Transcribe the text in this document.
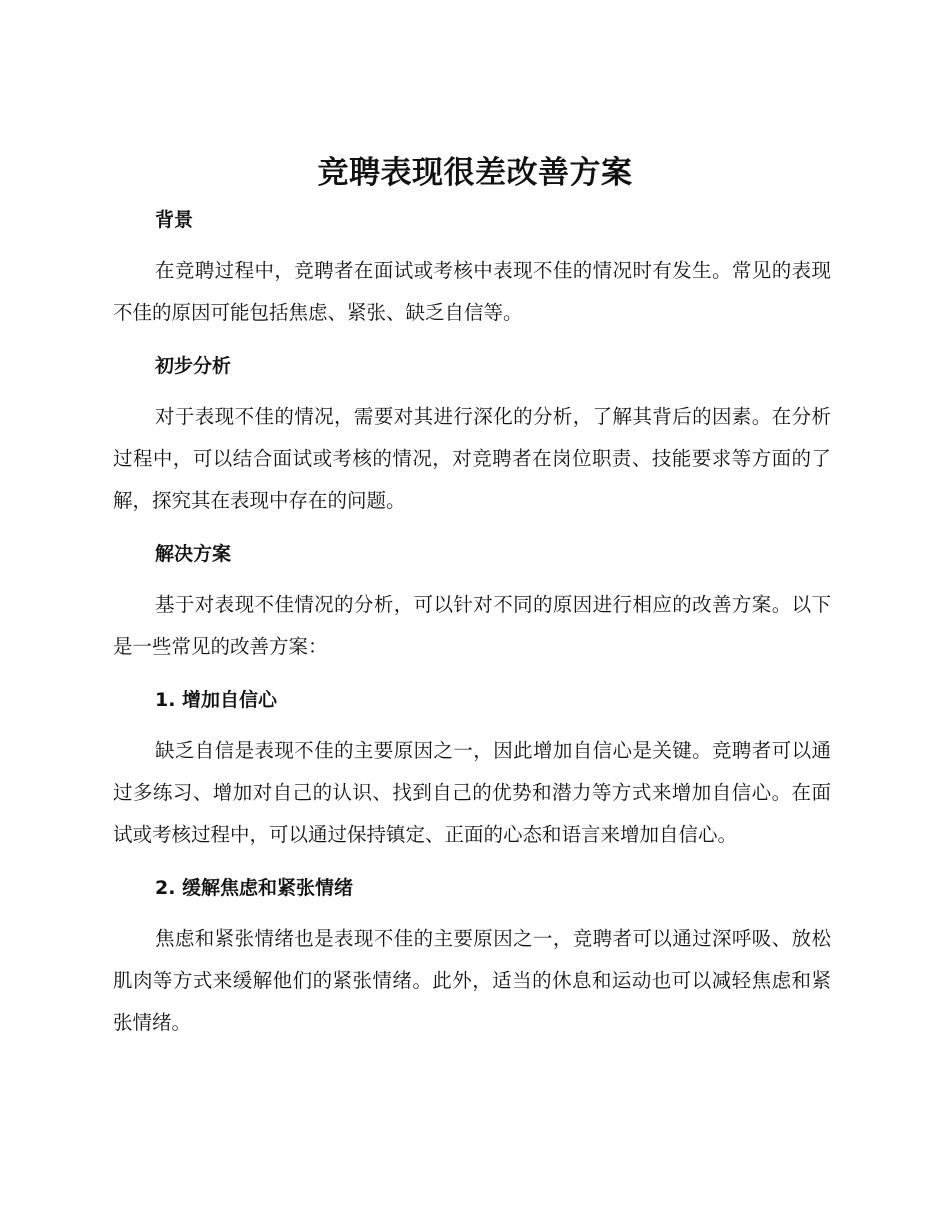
竞聘表现很差改善方案
背景

在竞聘过程中，竞聘者在面试或考核中表现不佳的情况时有发生。常见的表现不佳的原因可能包括焦虑、紧张、缺乏自信等。

初步分析

对于表现不佳的情况，需要对其进行深化的分析，了解其背后的因素。在分析过程中，可以结合面试或考核的情况，对竞聘者在岗位职责、技能要求等方面的了解，探究其在表现中存在的问题。

解决方案

基于对表现不佳情况的分析，可以针对不同的原因进行相应的改善方案。以下是一些常见的改善方案：

1. 增加自信心

缺乏自信是表现不佳的主要原因之一，因此增加自信心是关键。竞聘者可以通过多练习、增加对自己的认识、找到自己的优势和潜力等方式来增加自信心。在面试或考核过程中，可以通过保持镇定、正面的心态和语言来增加自信心。

2. 缓解焦虑和紧张情绪

焦虑和紧张情绪也是表现不佳的主要原因之一，竞聘者可以通过深呼吸、放松肌肉等方式来缓解他们的紧张情绪。此外，适当的休息和运动也可以减轻焦虑和紧张情绪。
